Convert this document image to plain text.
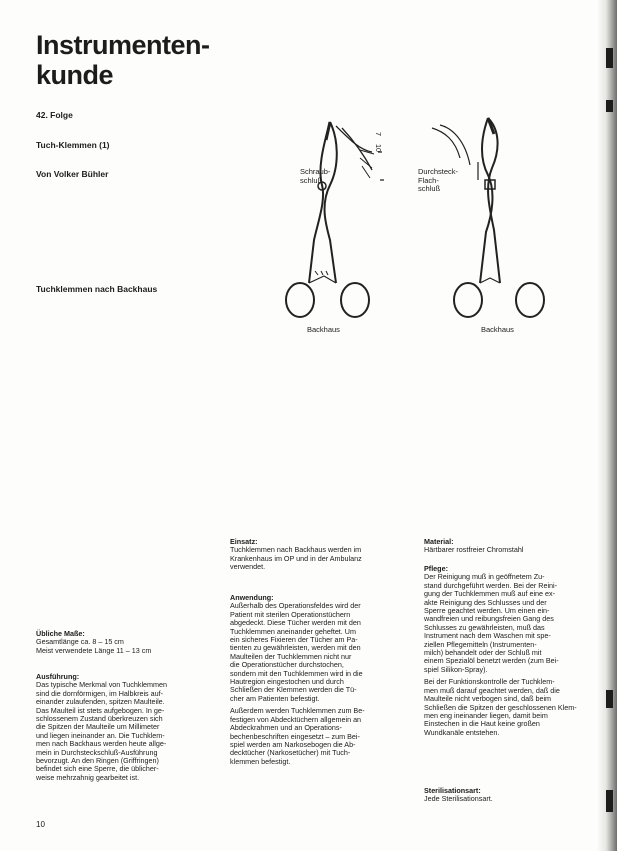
Instrumenten-
kunde
42. Folge
Tuch-Klemmen (1)
Von Volker Bühler
Tuchklemmen nach Backhaus
7
10
Schraub-
schluß
Durchsteck-
Flach-
schluß
Backhaus	Backhaus
Übliche Maße:

Gesamtlänge ca. 8 – 15 cm

Meist verwendete Länge 11 – 13 cm

Ausführung:

Das typische Merkmal von Tuchklemmen

sind die dornförmigen, im Halbkreis auf-

einander zulaufenden, spitzen Maulteile.

Das Maulteil ist stets aufgebogen. In ge-

schlossenem Zustand überkreuzen sich

die Spitzen der Maulteile um Millimeter

und liegen ineinander an. Die Tuchklem-

men nach Backhaus werden heute allge-

mein in Durchsteckschluß-Ausführung

bevorzugt. An den Ringen (Griffringen)

befindet sich eine Sperre, die üblicher-

weise mehrzahnig gearbeitet ist.

Einsatz:

Tuchklemmen nach Backhaus werden im

Krankenhaus im OP und in der Ambulanz

verwendet.

Anwendung:

Außerhalb des Operationsfeldes wird der

Patient mit sterilen Operationstüchern

abgedeckt. Diese Tücher werden mit den

Tuchklemmen aneinander geheftet. Um

ein sicheres Fixieren der Tücher am Pa-

tienten zu gewährleisten, werden mit den

Maulteilen der Tuchklemmen nicht nur

die Operationstücher durchstochen,

sondern mit den Tuchklemmen wird in die

Hautregion eingestochen und durch

Schließen der Klemmen werden die Tü-

cher am Patienten befestigt.

Außerdem werden Tuchklemmen zum Be-

festigen von Abdecktüchern allgemein an

Abdeckrahmen und an Operations-

bechenbeschriften eingesetzt – zum Bei-

spiel werden am Narkosebogen die Ab-

decktücher (Narkosetücher) mit Tuch-

klemmen befestigt.

Material:

Härtbarer rostfreier Chromstahl

Pflege:

Der Reinigung muß in geöffnetem Zu-

stand durchgeführt werden. Bei der Reini-

gung der Tuchklemmen muß auf eine ex-

akte Reinigung des Schlusses und der

Sperre geachtet werden. Um einen ein-

wandfreien und reibungsfreien Gang des

Schlusses zu gewährleisten, muß das

Instrument nach dem Waschen mit spe-

ziellen Pflegemitteln (Instrumenten-

milch) behandelt oder der Schluß mit

einem Spezialöl benetzt werden (zum Bei-

spiel Silikon-Spray).

Bei der Funktionskontrolle der Tuchklem-

men muß darauf geachtet werden, daß die

Maulteile nicht verbogen sind, daß beim

Schließen die Spitzen der geschlossenen Klem-

men eng ineinander liegen, damit beim

Einstechen in die Haut keine großen

Wundkanäle entstehen.

Sterilisationsart:

Jede Sterilisationsart.

10
